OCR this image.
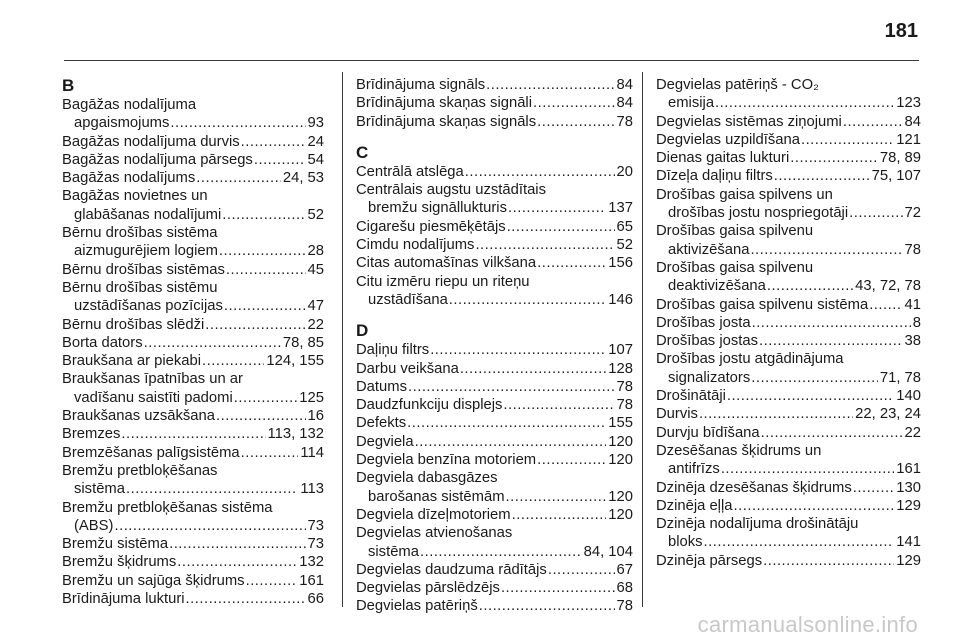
181
B
Bagāžas nodalījuma
apgaismojums .....	93
Bagāžas nodalījuma durvis .....	24
Bagāžas nodalījuma pārsegs .....	54
Bagāžas nodalījums .....	24, 53
Bagāžas novietnes un
glabāšanas nodalījumi .....	52
Bērnu drošības sistēma
aizmugurējiem logiem .....	28
Bērnu drošības sistēmas .....	45
Bērnu drošības sistēmu
uzstādīšanas pozīcijas .....	47
Bērnu drošības slēdži .....	22
Borta dators .....	78, 85
Braukšana ar piekabi .....	124, 155
Braukšanas īpatnības un ar
vadīšanu saistīti padomi .....	125
Braukšanas uzsākšana .....	16
Bremzes .....	113, 132
Bremzēšanas palīgsistēma .....	114
Bremžu pretbloķēšanas
sistēma .....	113
Bremžu pretbloķēšanas sistēma
(ABS) .....	73
Bremžu sistēma .....	73
Bremžu šķidrums .....	132
Bremžu un sajūga šķidrums .....	161
Brīdinājuma lukturi .....	66
Brīdinājuma signāls .....	84
Brīdinājuma skaņas signāli .....	84
Brīdinājuma skaņas signāls .....	78
C
Centrālā atslēga .....	20
Centrālais augstu uzstādītais
bremžu signāllukturis .....	137
Cigarešu piesmēķētājs .....	65
Cimdu nodalījums .....	52
Citas automašīnas vilkšana .....	156
Citu izmēru riepu un riteņu
uzstādīšana .....	146
D
Daļiņu filtrs .....	107
Darbu veikšana .....	128
Datums .....	78
Daudzfunkciju displejs .....	78
Defekts .....	155
Degviela .....	120
Degviela benzīna motoriem .....	120
Degviela dabasgāzes
barošanas sistēmām .....	120
Degviela dīzeļmotoriem .....	120
Degvielas atvienošanas
sistēma .....	84, 104
Degvielas daudzuma rādītājs .....	67
Degvielas pārslēdzējs .....	68
Degvielas patēriņš .....	78
Degvielas patēriņš - CO₂
emisija .....	123
Degvielas sistēmas ziņojumi .....	84
Degvielas uzpildīšana .....	121
Dienas gaitas lukturi .....	78, 89
Dīzeļa daļiņu filtrs .....	75, 107
Drošības gaisa spilvens un
drošības jostu nospriegotāji .....	72
Drošības gaisa spilvenu
aktivizēšana .....	78
Drošības gaisa spilvenu
deaktivizēšana .....	43, 72, 78
Drošības gaisa spilvenu sistēma ..... 41
Drošības josta .....	8
Drošības jostas .....	38
Drošības jostu atgādinājuma
signalizators .....	71, 78
Drošinātāji .....	140
Durvis .....	22, 23, 24
Durvju bīdīšana .....	22
Dzesēšanas šķidrums un
antifrīzs .....	161
Dzinēja dzesēšanas šķidrums .....	130
Dzinēja eļļa .....	129
Dzinēja nodalījuma drošinātāju
bloks .....	141
Dzinēja pārsegs .....	129
carmanualsonline.info
